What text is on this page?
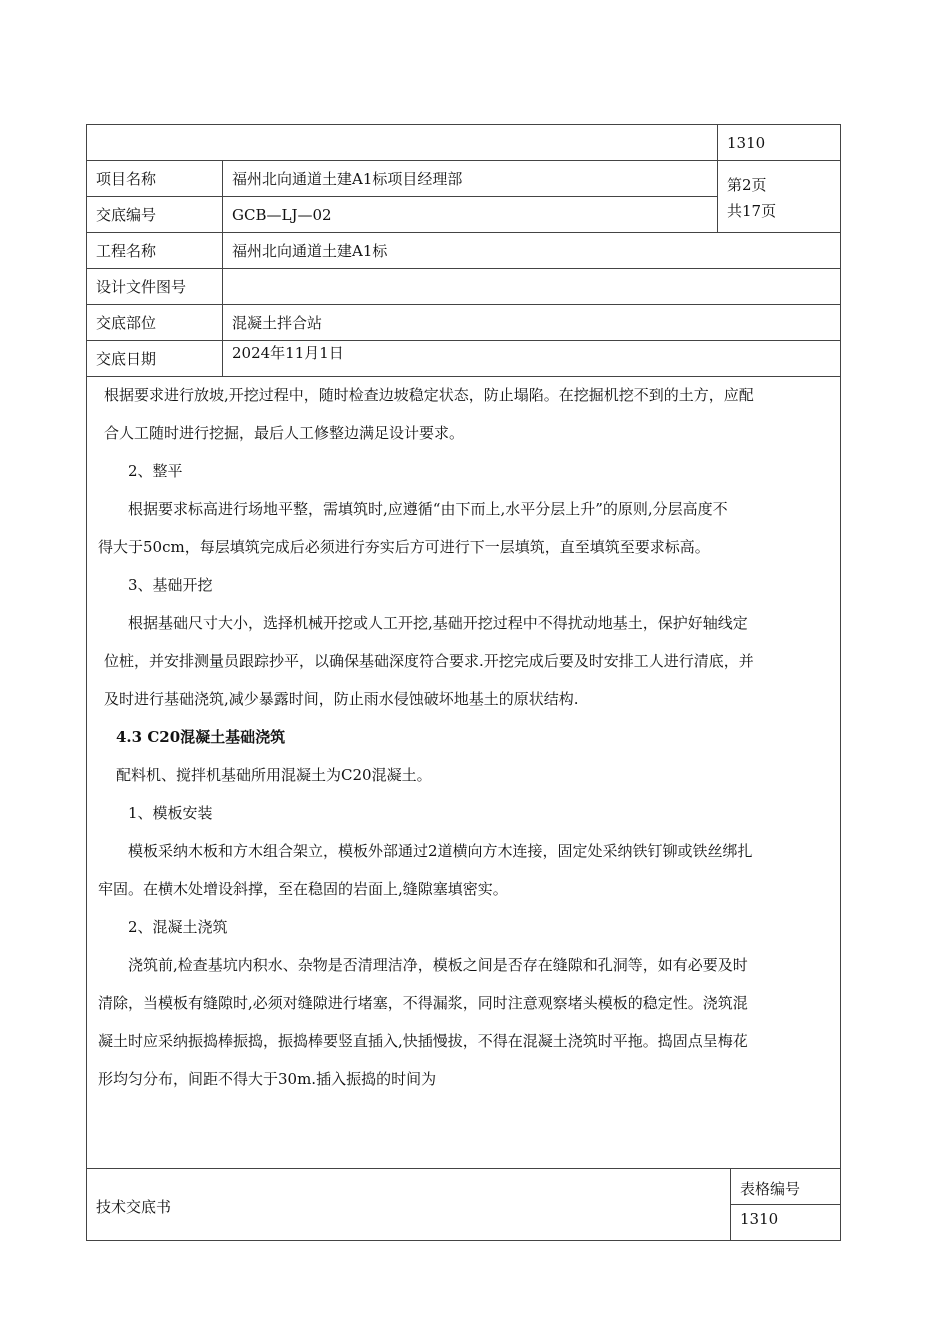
1310
项目名称	福州北向通道土建A1标项目经理部
交底编号	GCB—LJ—02
第2页
共17页
工程名称	福州北向通道土建A1标
设计文件图号
交底部位	混凝土拌合站
交底日期	2024年11月1日

根据要求进行放坡,开挖过程中，随时检查边坡稳定状态，防止塌陷。在挖掘机挖不到的土方，应配

合人工随时进行挖掘，最后人工修整边满足设计要求。

2、整平

根据要求标高进行场地平整，需填筑时,应遵循“由下而上,水平分层上升”的原则,分层高度不

得大于50cm，每层填筑完成后必须进行夯实后方可进行下一层填筑，直至填筑至要求标高。

3、基础开挖

根据基础尺寸大小，选择机械开挖或人工开挖,基础开挖过程中不得扰动地基土，保护好轴线定

位桩，并安排测量员跟踪抄平，以确保基础深度符合要求.开挖完成后要及时安排工人进行清底，并

及时进行基础浇筑,减少暴露时间，防止雨水侵蚀破坏地基土的原状结构.

4.3 C20混凝土基础浇筑

配料机、搅拌机基础所用混凝土为C20混凝土。

1、模板安装

模板采纳木板和方木组合架立，模板外部通过2道横向方木连接，固定处采纳铁钉铆或铁丝绑扎

牢固。在横木处增设斜撑，至在稳固的岩面上,缝隙塞填密实。

2、混凝土浇筑

浇筑前,检查基坑内积水、杂物是否清理洁净，模板之间是否存在缝隙和孔洞等，如有必要及时

清除，当模板有缝隙时,必须对缝隙进行堵塞，不得漏浆，同时注意观察堵头模板的稳定性。浇筑混

凝土时应采纳振捣棒振捣，振捣棒要竖直插入,快插慢拔，不得在混凝土浇筑时平拖。捣固点呈梅花

形均匀分布，间距不得大于30m.插入振捣的时间为

技术交底书
表格编号
1310
